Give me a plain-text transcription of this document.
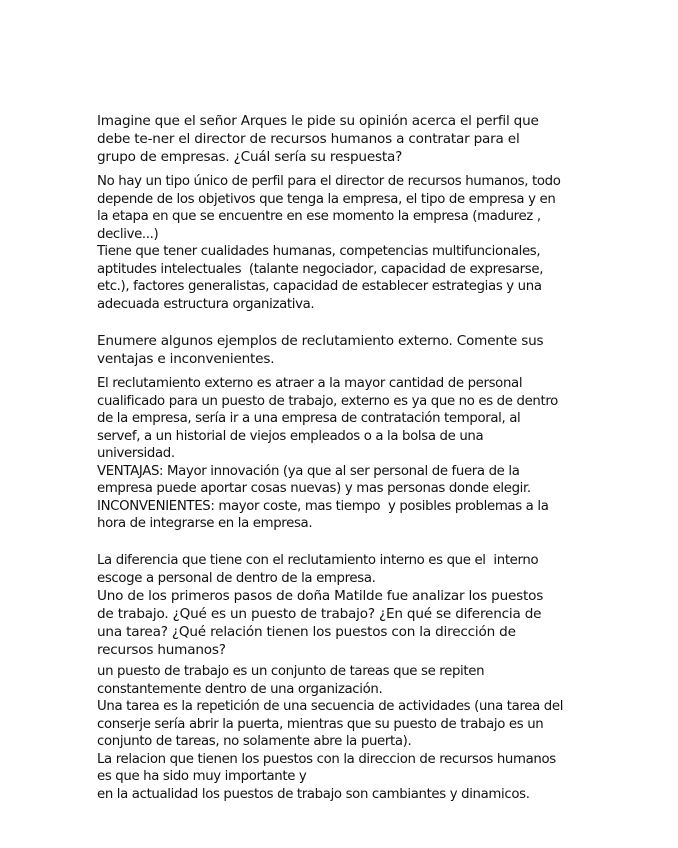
Imagine que el señor Arques le pide su opinión acerca el perfil que
debe te-ner el director de recursos humanos a contratar para el
grupo de empresas. ¿Cuál sería su respuesta?
No hay un tipo único de perfil para el director de recursos humanos, todo
depende de los objetivos que tenga la empresa, el tipo de empresa y en
la etapa en que se encuentre en ese momento la empresa (madurez ,
declive...)
Tiene que tener cualidades humanas, competencias multifuncionales,
aptitudes intelectuales  (talante negociador, capacidad de expresarse,
etc.), factores generalistas, capacidad de establecer estrategias y una
adecuada estructura organizativa.
Enumere algunos ejemplos de reclutamiento externo. Comente sus
ventajas e inconvenientes.
El reclutamiento externo es atraer a la mayor cantidad de personal
cualificado para un puesto de trabajo, externo es ya que no es de dentro
de la empresa, sería ir a una empresa de contratación temporal, al
servef, a un historial de viejos empleados o a la bolsa de una
universidad.
VENTAJAS: Mayor innovación (ya que al ser personal de fuera de la
empresa puede aportar cosas nuevas) y mas personas donde elegir.
INCONVENIENTES: mayor coste, mas tiempo  y posibles problemas a la
hora de integrarse en la empresa.
La diferencia que tiene con el reclutamiento interno es que el  interno
escoge a personal de dentro de la empresa.
Uno de los primeros pasos de doña Matilde fue analizar los puestos
de trabajo. ¿Qué es un puesto de trabajo? ¿En qué se diferencia de
una tarea? ¿Qué relación tienen los puestos con la dirección de
recursos humanos?
un puesto de trabajo es un conjunto de tareas que se repiten
constantemente dentro de una organización.
Una tarea es la repetición de una secuencia de actividades (una tarea del
conserje sería abrir la puerta, mientras que su puesto de trabajo es un
conjunto de tareas, no solamente abre la puerta).
La relacion que tienen los puestos con la direccion de recursos humanos
es que ha sido muy importante y
en la actualidad los puestos de trabajo son cambiantes y dinamicos.
